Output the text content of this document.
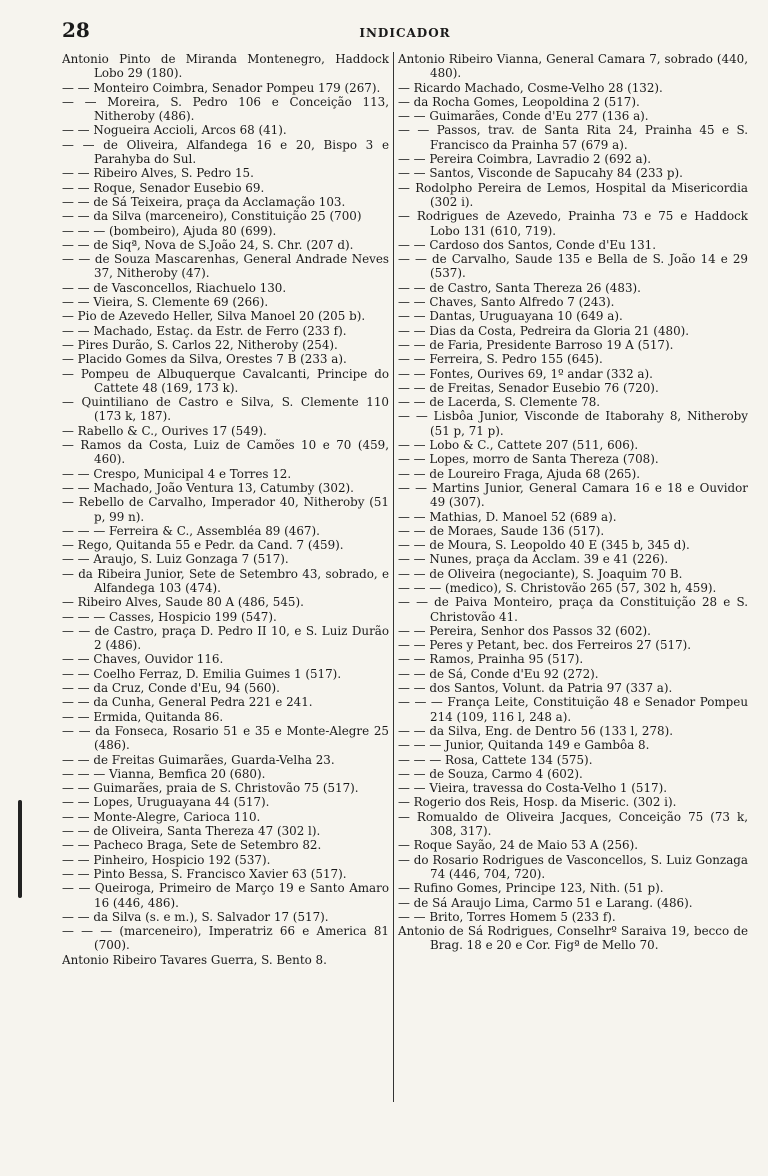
28	INDICADOR
Antonio Pinto de Miranda Montenegro, Haddock Lobo 29 (180).
— — Monteiro Coimbra, Senador Pompeu 179 (267).
— — Moreira, S. Pedro 106 e Conceição 113, Nitheroby (486).
— — Nogueira Accioli, Arcos 68 (41).
— — de Oliveira, Alfandega 16 e 20, Bispo 3 e Parahyba do Sul.
— — Ribeiro Alves, S. Pedro 15.
— — Roque, Senador Eusebio 69.
— — de Sá Teixeira, praça da Acclamação 103.
— — da Silva (marceneiro), Constituição 25 (700)
— — — (bombeiro), Ajuda 80 (699).
— — de Siqª, Nova de S.João 24, S. Chr. (207 d).
— — de Souza Mascarenhas, General Andrade Neves 37, Nitheroby (47).
— — de Vasconcellos, Riachuelo 130.
— — Vieira, S. Clemente 69 (266).
— Pio de Azevedo Heller, Silva Manoel 20 (205 b).
— — Machado, Estaç. da Estr. de Ferro (233 f).
— Pires Durão, S. Carlos 22, Nitheroby (254).
— Placido Gomes da Silva, Orestes 7 B (233 a).
— Pompeu de Albuquerque Cavalcanti, Principe do Cattete 48 (169, 173 k).
— Quintiliano de Castro e Silva, S. Clemente 110 (173 k, 187).
— Rabello & C., Ourives 17 (549).
— Ramos da Costa, Luiz de Camões 10 e 70 (459, 460).
— — Crespo, Municipal 4 e Torres 12.
— — Machado, João Ventura 13, Catumby (302).
— Rebello de Carvalho, Imperador 40, Nitheroby (51 p, 99 n).
— — — Ferreira & C., Assembléa 89 (467).
— Rego, Quitanda 55 e Pedr. da Cand. 7 (459).
— — Araujo, S. Luiz Gonzaga 7 (517).
— da Ribeira Junior, Sete de Setembro 43, sobrado, e Alfandega 103 (474).
— Ribeiro Alves, Saude 80 A (486, 545).
— — — Casses, Hospicio 199 (547).
— — de Castro, praça D. Pedro II 10, e S. Luiz Durão 2 (486).
— — Chaves, Ouvidor 116.
— — Coelho Ferraz, D. Emilia Guimes 1 (517).
— — da Cruz, Conde d'Eu, 94 (560).
— — da Cunha, General Pedra 221 e 241.
— — Ermida, Quitanda 86.
— — da Fonseca, Rosario 51 e 35 e Monte-Alegre 25 (486).
— — de Freitas Guimarães, Guarda-Velha 23.
— — — Vianna, Bemfica 20 (680).
— — Guimarães, praia de S. Christovão 75 (517).
— — Lopes, Uruguayana 44 (517).
— — Monte-Alegre, Carioca 110.
— — de Oliveira, Santa Thereza 47 (302 l).
— — Pacheco Braga, Sete de Setembro 82.
— — Pinheiro, Hospicio 192 (537).
— — Pinto Bessa, S. Francisco Xavier 63 (517).
— — Queiroga, Primeiro de Março 19 e Santo Amaro 16 (446, 486).
— — da Silva (s. e m.), S. Salvador 17 (517).
— — — (marceneiro), Imperatriz 66 e America 81 (700).
Antonio Ribeiro Tavares Guerra, S. Bento 8.
Antonio Ribeiro Vianna, General Camara 7, sobrado (440, 480).
— Ricardo Machado, Cosme-Velho 28 (132).
— da Rocha Gomes, Leopoldina 2 (517).
— — Guimarães, Conde d'Eu 277 (136 a).
— — Passos, trav. de Santa Rita 24, Prainha 45 e S. Francisco da Prainha 57 (679 a).
— — Pereira Coimbra, Lavradio 2 (692 a).
— — Santos, Visconde de Sapucahy 84 (233 p).
— Rodolpho Pereira de Lemos, Hospital da Misericordia (302 i).
— Rodrigues de Azevedo, Prainha 73 e 75 e Haddock Lobo 131 (610, 719).
— — Cardoso dos Santos, Conde d'Eu 131.
— — de Carvalho, Saude 135 e Bella de S. João 14 e 29 (537).
— — de Castro, Santa Thereza 26 (483).
— — Chaves, Santo Alfredo 7 (243).
— — Dantas, Uruguayana 10 (649 a).
— — Dias da Costa, Pedreira da Gloria 21 (480).
— — de Faria, Presidente Barroso 19 A (517).
— — Ferreira, S. Pedro 155 (645).
— — Fontes, Ourives 69, 1º andar (332 a).
— — de Freitas, Senador Eusebio 76 (720).
— — de Lacerda, S. Clemente 78.
— — Lisbôa Junior, Visconde de Itaborahy 8, Nitheroby (51 p, 71 p).
— — Lobo & C., Cattete 207 (511, 606).
— — Lopes, morro de Santa Thereza (708).
— — de Loureiro Fraga, Ajuda 68 (265).
— — Martins Junior, General Camara 16 e 18 e Ouvidor 49 (307).
— — Mathias, D. Manoel 52 (689 a).
— — de Moraes, Saude 136 (517).
— — de Moura, S. Leopoldo 40 E (345 b, 345 d).
— — Nunes, praça da Acclam. 39 e 41 (226).
— — de Oliveira (negociante), S. Joaquim 70 B.
— — — (medico), S. Christovão 265 (57, 302 h, 459).
— — de Paiva Monteiro, praça da Constituição 28 e S. Christovão 41.
— — Pereira, Senhor dos Passos 32 (602).
— — Peres y Petant, bec. dos Ferreiros 27 (517).
— — Ramos, Prainha 95 (517).
— — de Sá, Conde d'Eu 92 (272).
— — dos Santos, Volunt. da Patria 97 (337 a).
— — — França Leite, Constituição 48 e Senador Pompeu 214 (109, 116 l, 248 a).
— — da Silva, Eng. de Dentro 56 (133 l, 278).
— — — Junior, Quitanda 149 e Gambôa 8.
— — — Rosa, Cattete 134 (575).
— — de Souza, Carmo 4 (602).
— — Vieira, travessa do Costa-Velho 1 (517).
— Rogerio dos Reis, Hosp. da Miseric. (302 i).
— Romualdo de Oliveira Jacques, Conceição 75 (73 k, 308, 317).
— Roque Sayão, 24 de Maio 53 A (256).
— do Rosario Rodrigues de Vasconcellos, S. Luiz Gonzaga 74 (446, 704, 720).
— Rufino Gomes, Principe 123, Nith. (51 p).
— de Sá Araujo Lima, Carmo 51 e Larang. (486).
— — Brito, Torres Homem 5 (233 f).
Antonio de Sá Rodrigues, Conselhrº Saraiva 19, becco de Brag. 18 e 20 e Cor. Figª de Mello 70.
